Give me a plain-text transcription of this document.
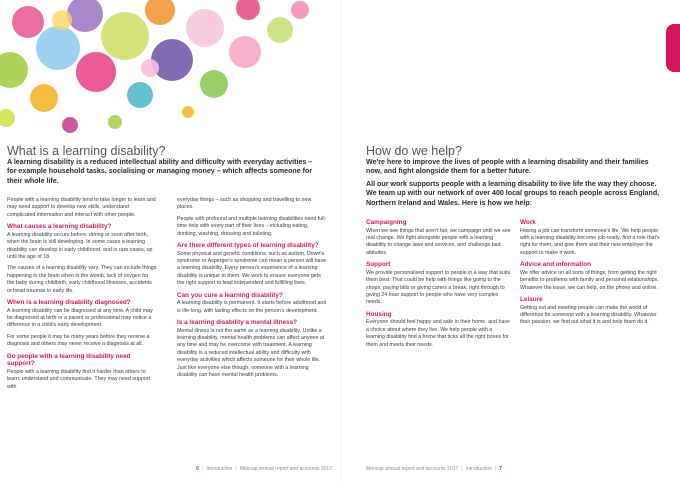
What is a learning disability?

A learning disability is a reduced intellectual ability and difficulty with everyday activities – for example household tasks, socialising or managing money – which affects someone for their whole life.

People with a learning disability tend to take longer to learn and may need support to develop new skills, understand complicated information and interact with other people.

What causes a learning disability?

A learning disability occurs before, during or soon after birth, when the brain is still developing. In some cases a learning disability can develop in early childhood, and in rare cases, up until the age of 18.

The causes of a learning disability vary. They can include things happening to the brain when in the womb, lack of oxygen for the baby during childbirth, early childhood illnesses, accidents or head traumas in early life.

When is a learning disability diagnosed?

A learning disability can be diagnosed at any time. A child may be diagnosed at birth or a parent or professional may notice a difference in a child's early development.

For some people it may be many years before they receive a diagnosis and others may never receive a diagnosis at all.

Do people with a learning disability need support?

People with a learning disability find it harder than others to learn, understand and communicate. They may need support with

everyday things – such as shopping and travelling to new places.

People with profound and multiple learning disabilities need full-time help with every part of their lives – including eating, drinking, washing, dressing and toileting.

Are there different types of learning disability?

Some physical and genetic conditions, such as autism, Down's syndrome or Asperger's syndrome can mean a person will have a learning disability. Every person's experience of a learning disability is unique to them. We work to ensure everyone gets the right support to lead independent and fulfilling lives.

Can you cure a learning disability?

A learning disability is permanent. It starts before adulthood and is life-long, with lasting effects on the person's development.

Is a learning disability a mental illness?

Mental illness is not the same as a learning disability. Unlike a learning disability, mental health problems can affect anyone at any time and may be overcome with treatment. A learning disability is a reduced intellectual ability and difficulty with everyday activities which affects someone for their whole life. Just like everyone else though, someone with a learning disability can have mental health problems.

6 | Introduction | Mencap annual report and accounts 2017
How do we help?

We're here to improve the lives of people with a learning disability and their families now, and fight alongside them for a better future.

All our work supports people with a learning disability to live life the way they choose. We team up with our network of over 400 local groups to reach people across England, Northern Ireland and Wales. Here is how we help:

Campaigning

When we see things that aren't fair, we campaign until we see real change. We fight alongside people with a learning disability to change laws and services, and challenge bad attitudes.

Support

We provide personalised support to people in a way that suits them best. That could be help with things like going to the shops, paying bills or giving carers a break, right through to giving 24 hour support to people who have very complex needs.

Housing

Everyone should feel happy and safe in their home, and have a choice about where they live. We help people with a learning disability find a home that ticks all the right boxes for them and meets their needs.

Work

Having a job can transform someone's life. We help people with a learning disability become job-ready, find a role that's right for them, and give them and their new employer the support to make it work.

Advice and information

We offer advice on all sorts of things, from getting the right benefits to problems with family and personal relationships. Whatever the issue, we can help, on the phone and online.

Leisure

Getting out and meeting people can make the world of difference for someone with a learning disability. Whatever their passion, we find out what it is and help them do it.

Mencap annual report and accounts 2017 | Introduction | 7
